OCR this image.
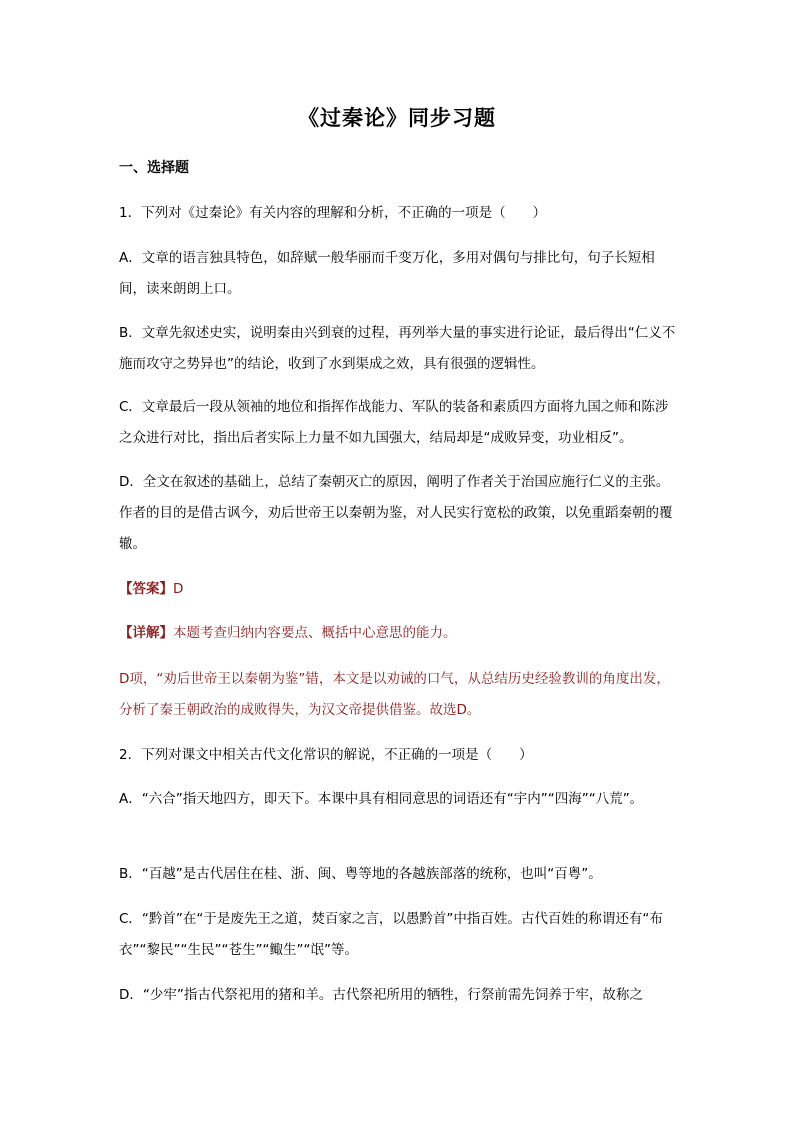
《过秦论》同步习题
一、选择题

1．下列对《过秦论》有关内容的理解和分析，不正确的一项是（　　）

A．文章的语言独具特色，如辞赋一般华丽而千变万化，多用对偶句与排比句，句子长短相间，读来朗朗上口。

B．文章先叙述史实，说明秦由兴到衰的过程，再列举大量的事实进行论证，最后得出“仁义不施而攻守之势异也”的结论，收到了水到渠成之效，具有很强的逻辑性。

C．文章最后一段从领袖的地位和指挥作战能力、军队的装备和素质四方面将九国之师和陈涉之众进行对比，指出后者实际上力量不如九国强大，结局却是“成败异变，功业相反”。

D．全文在叙述的基础上，总结了秦朝灭亡的原因，阐明了作者关于治国应施行仁义的主张。作者的目的是借古讽今，劝后世帝王以秦朝为鉴，对人民实行宽松的政策，以免重蹈秦朝的覆辙。

【答案】D

【详解】本题考查归纳内容要点、概括中心意思的能力。

D项，“劝后世帝王以秦朝为鉴”错，本文是以劝诫的口气，从总结历史经验教训的角度出发，分析了秦王朝政治的成败得失，为汉文帝提供借鉴。故选D。

2．下列对课文中相关古代文化常识的解说，不正确的一项是（　　）

A．“六合”指天地四方，即天下。本课中具有相同意思的词语还有“宇内”“四海”“八荒”。

B．“百越”是古代居住在桂、浙、闽、粤等地的各越族部落的统称，也叫“百粤”。

C．“黔首”在“于是废先王之道，焚百家之言，以愚黔首”中指百姓。古代百姓的称谓还有“布衣”“黎民”“生民”“苍生”“鲰生”“氓”等。

D．“少牢”指古代祭祀用的猪和羊。古代祭祀所用的牺牲，行祭前需先饲养于牢，故称之
